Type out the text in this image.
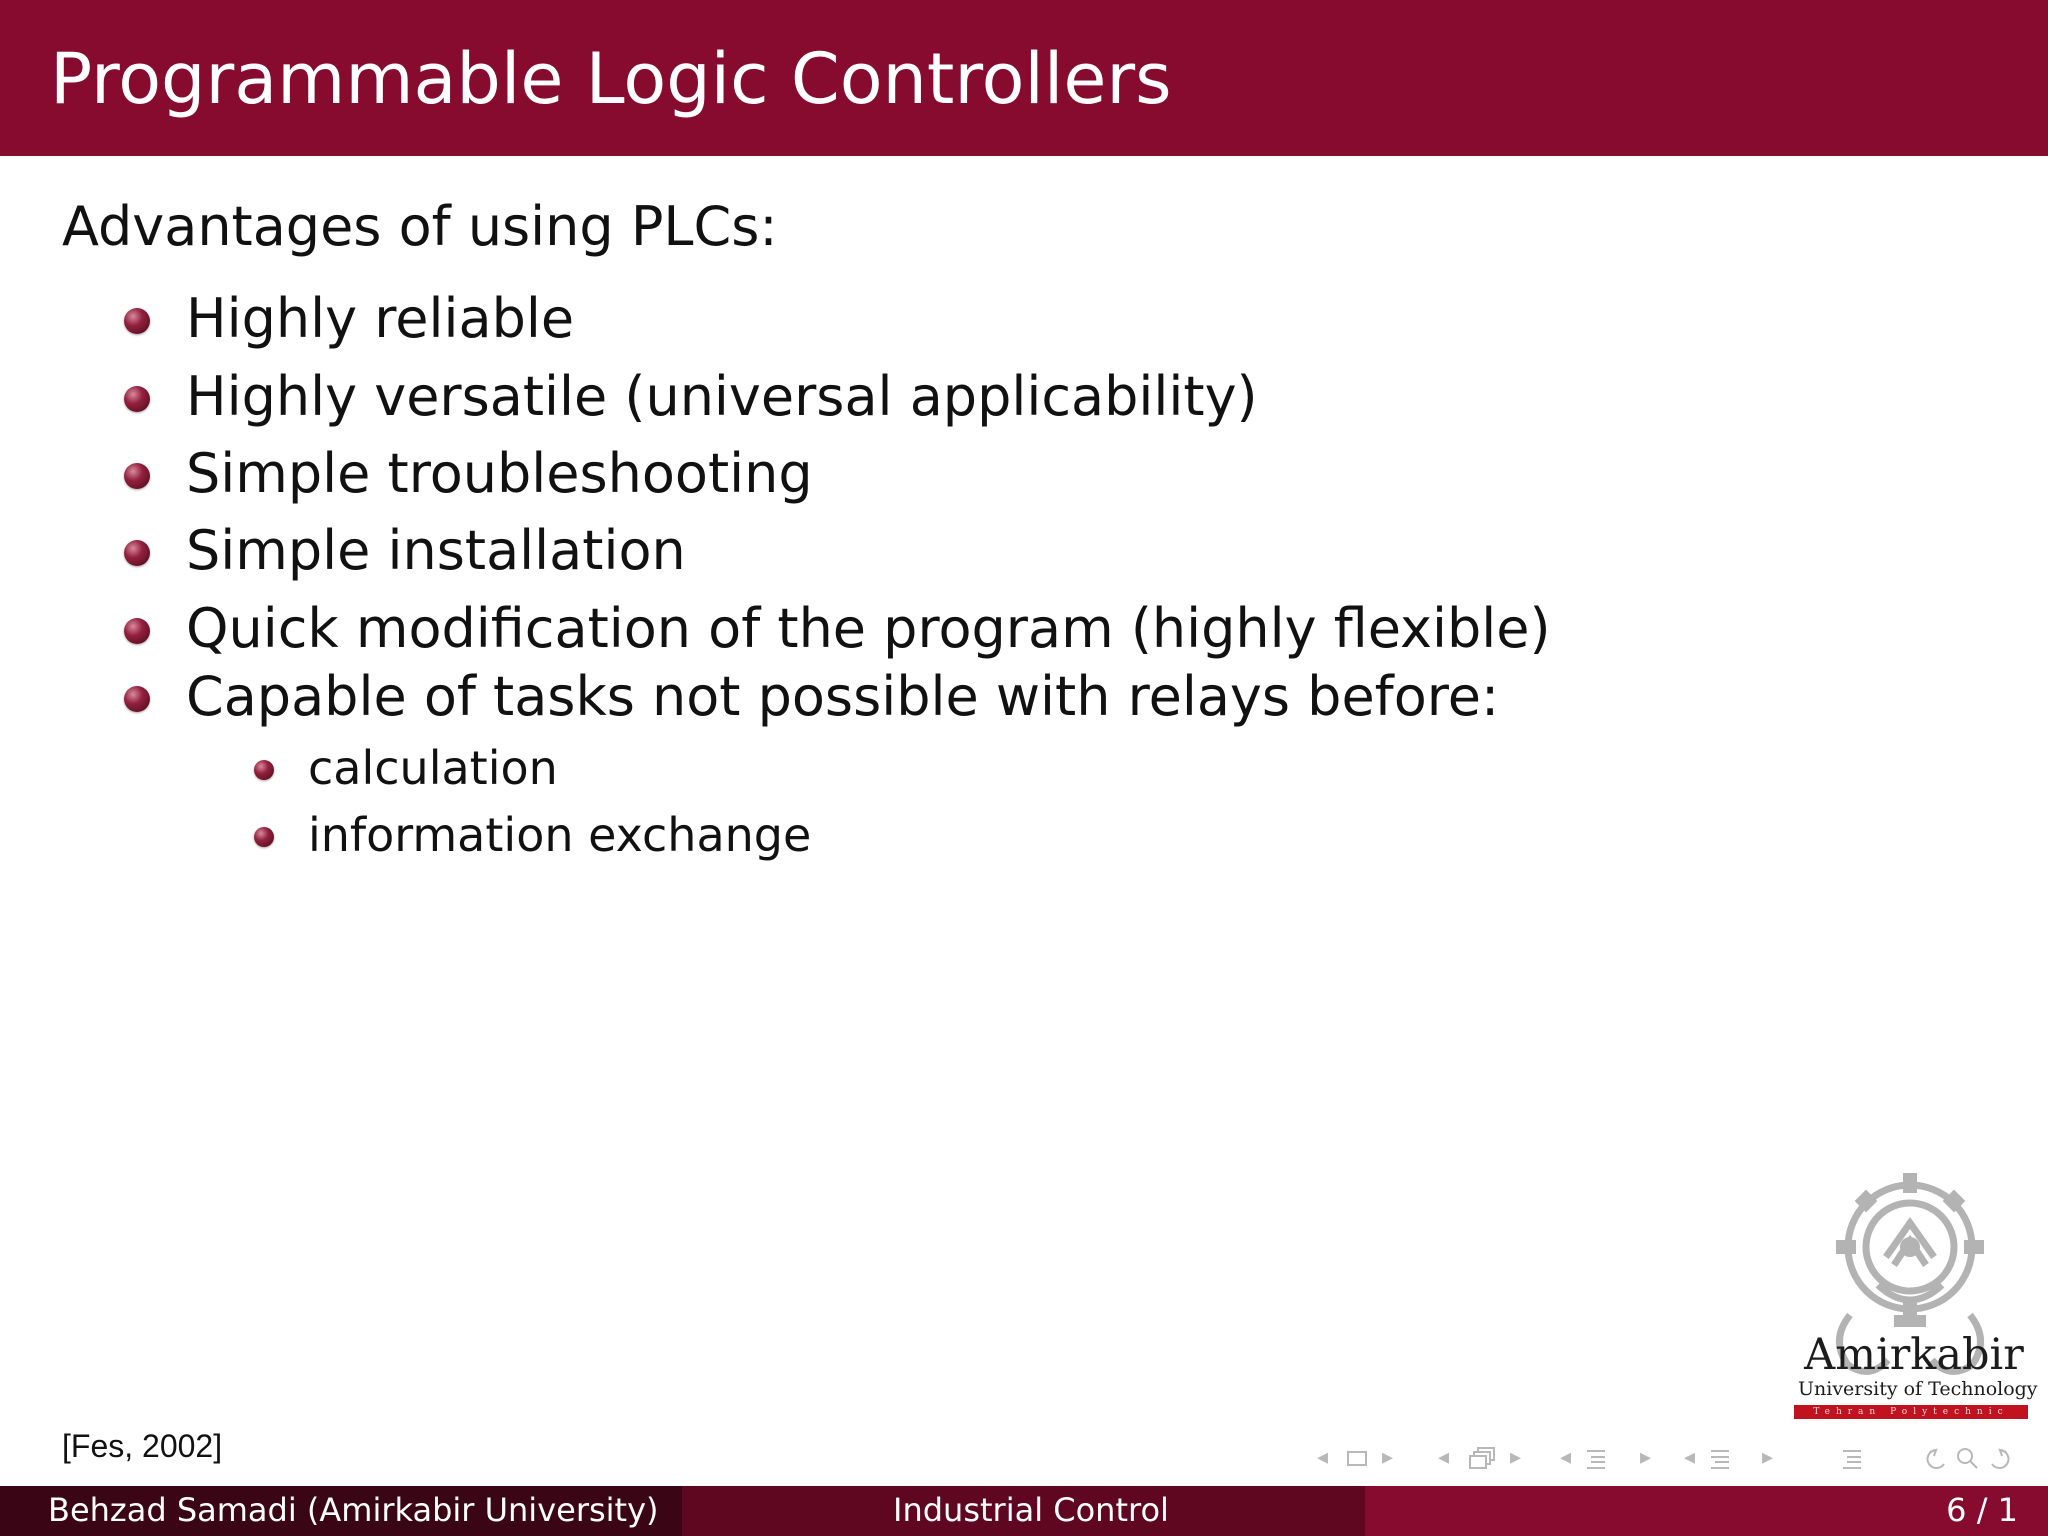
Programmable Logic Controllers
Advantages of using PLCs:
Highly reliable
Highly versatile (universal applicability)
Simple troubleshooting
Simple installation
Quick modification of the program (highly flexible)
Capable of tasks not possible with relays before:
calculation
information exchange
[Fes, 2002]
Amirkabir
University of Technology
Tehran Polytechnic
◂ ▸ ◂	▸ ◂	▸ ◂	▸
Behzad Samadi (Amirkabir University)	Industrial Control	6 / 1
